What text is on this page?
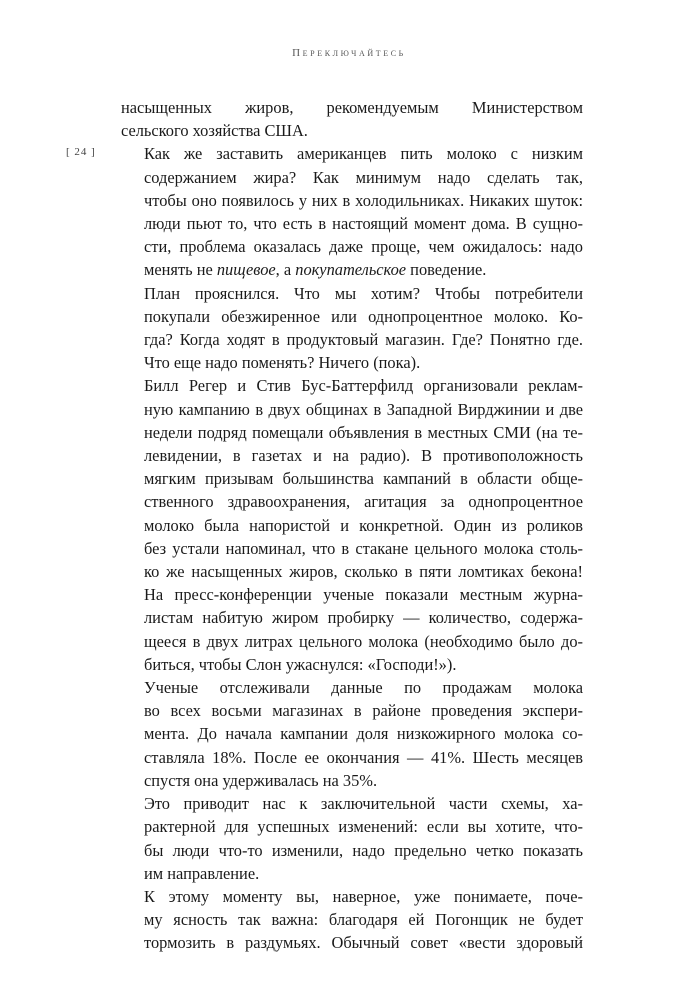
Переключайтесь
[ 24 ]

насыщенных жиров, рекомендуемым Министерством
сельского хозяйства США.

Как же заставить американцев пить молоко с низким
содержанием жира? Как минимум надо сделать так,
чтобы оно появилось у них в холодильниках. Никаких шуток:
люди пьют то, что есть в настоящий момент дома. В сущно-
сти, проблема оказалась даже проще, чем ожидалось: надо
менять не пищевое, а покупательское поведение.

План прояснился. Что мы хотим? Чтобы потребители
покупали обезжиренное или однопроцентное молоко. Ко-
гда? Когда ходят в продуктовый магазин. Где? Понятно где.
Что еще надо поменять? Ничего (пока).

Билл Регер и Стив Бус-Баттерфилд организовали реклам-
ную кампанию в двух общинах в Западной Вирджинии и две
недели подряд помещали объявления в местных СМИ (на те-
левидении, в газетах и на радио). В противоположность
мягким призывам большинства кампаний в области обще-
ственного здравоохранения, агитация за однопроцентное
молоко была напористой и конкретной. Один из роликов
без устали напоминал, что в стакане цельного молока столь-
ко же насыщенных жиров, сколько в пяти ломтиках бекона!
На пресс-конференции ученые показали местным журна-
листам набитую жиром пробирку — количество, содержа-
щееся в двух литрах цельного молока (необходимо было до-
биться, чтобы Слон ужаснулся: «Господи!»).

Ученые отслеживали данные по продажам молока
во всех восьми магазинах в районе проведения экспери-
мента. До начала кампании доля низкожирного молока со-
ставляла 18%. После ее окончания — 41%. Шесть месяцев
спустя она удерживалась на 35%.

Это приводит нас к заключительной части схемы, ха-
рактерной для успешных изменений: если вы хотите, что-
бы люди что-то изменили, надо предельно четко показать
им направление.

К этому моменту вы, наверное, уже понимаете, поче-
му ясность так важна: благодаря ей Погонщик не будет
тормозить в раздумьях. Обычный совет «вести здоровый
